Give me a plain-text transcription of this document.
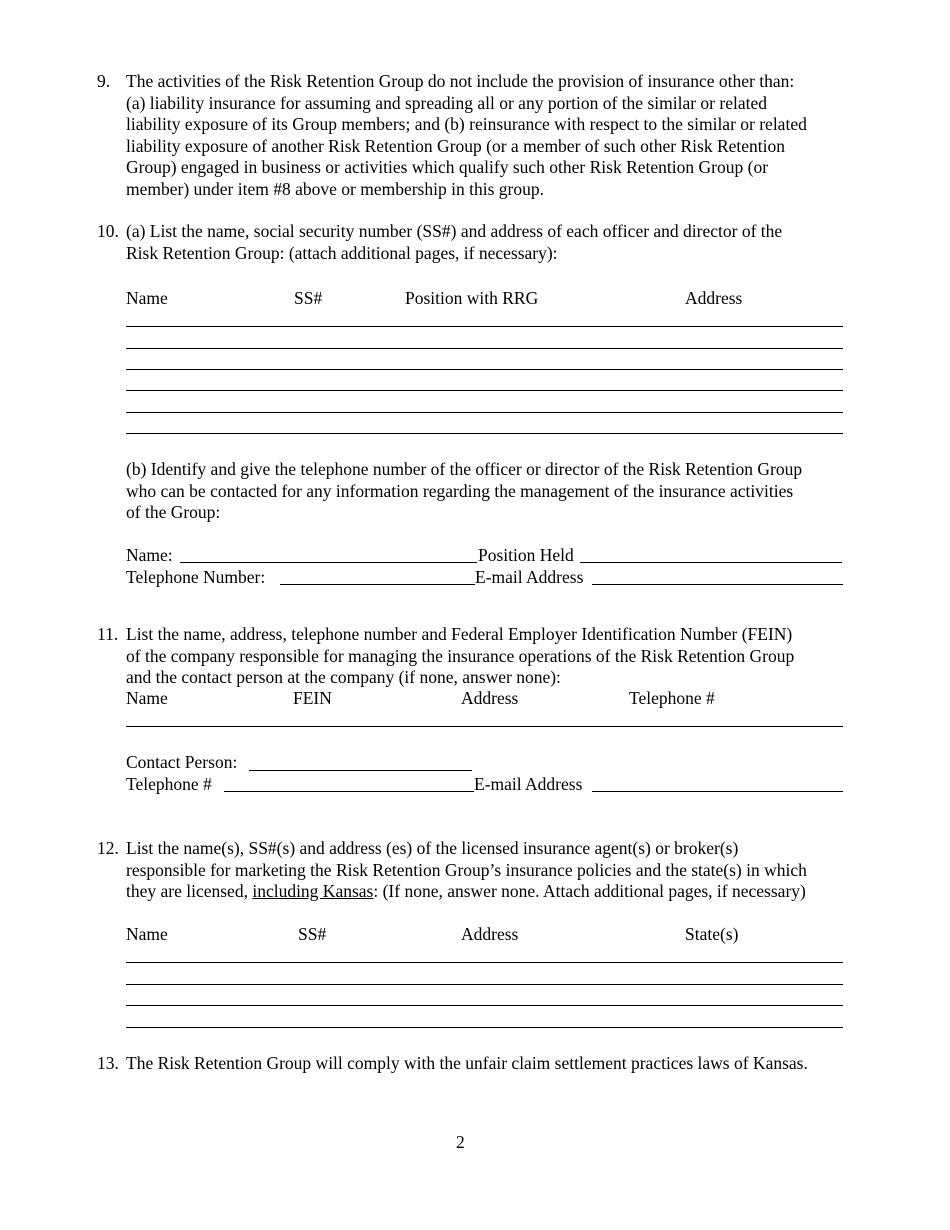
9. The activities of the Risk Retention Group do not include the provision of insurance other than:
(a) liability insurance for assuming and spreading all or any portion of the similar or related
liability exposure of its Group members; and (b) reinsurance with respect to the similar or related
liability exposure of another Risk Retention Group (or a member of such other Risk Retention
Group) engaged in business or activities which qualify such other Risk Retention Group (or
member) under item #8 above or membership in this group.
10. (a) List the name, social security number (SS#) and address of each officer and director of the
Risk Retention Group: (attach additional pages, if necessary):
Name	SS#	Position with RRG	Address
(b) Identify and give the telephone number of the officer or director of the Risk Retention Group
who can be contacted for any information regarding the management of the insurance activities
of the Group:
Name:	Position Held
Telephone Number:	E-mail Address
11. List the name, address, telephone number and Federal Employer Identification Number (FEIN)
of the company responsible for managing the insurance operations of the Risk Retention Group
and the contact person at the company (if none, answer none):
Name	FEIN	Address	Telephone #
Contact Person:
Telephone #	E-mail Address
12. List the name(s), SS#(s) and address (es) of the licensed insurance agent(s) or broker(s)
responsible for marketing the Risk Retention Group’s insurance policies and the state(s) in which
they are licensed, including Kansas: (If none, answer none. Attach additional pages, if necessary)
Name	SS#	Address	State(s)
13. The Risk Retention Group will comply with the unfair claim settlement practices laws of Kansas.
2
